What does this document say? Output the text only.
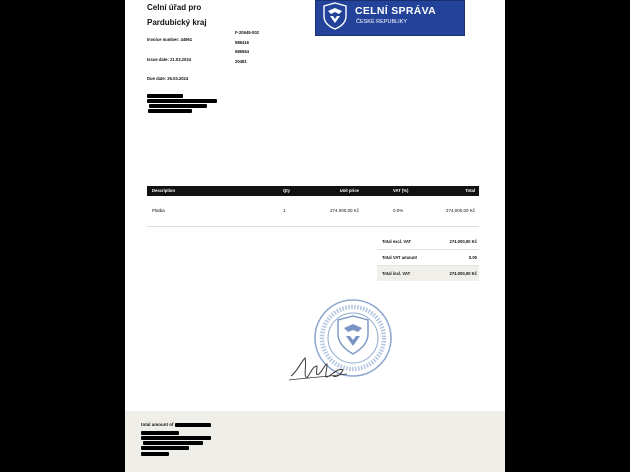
Celní úřad pro
Pardubický kraj
Invoice number: 44961
Issue date: 21.03.2024
Due date: 26.03.2024
F-20645-002
586416
586564
20481
CELNÍ SPRÁVA
ČESKÉ REPUBLIKY
Description	Qty	Unit price	VAT (%)	Total
Platba	1	274.000,00 Kč	0.0%	274.000,00 Kč
Total excl. VAT	274.000,00 Kč
Total VAT amount	0.00
Total incl. VAT	274.000,00 Kč
total amount of
